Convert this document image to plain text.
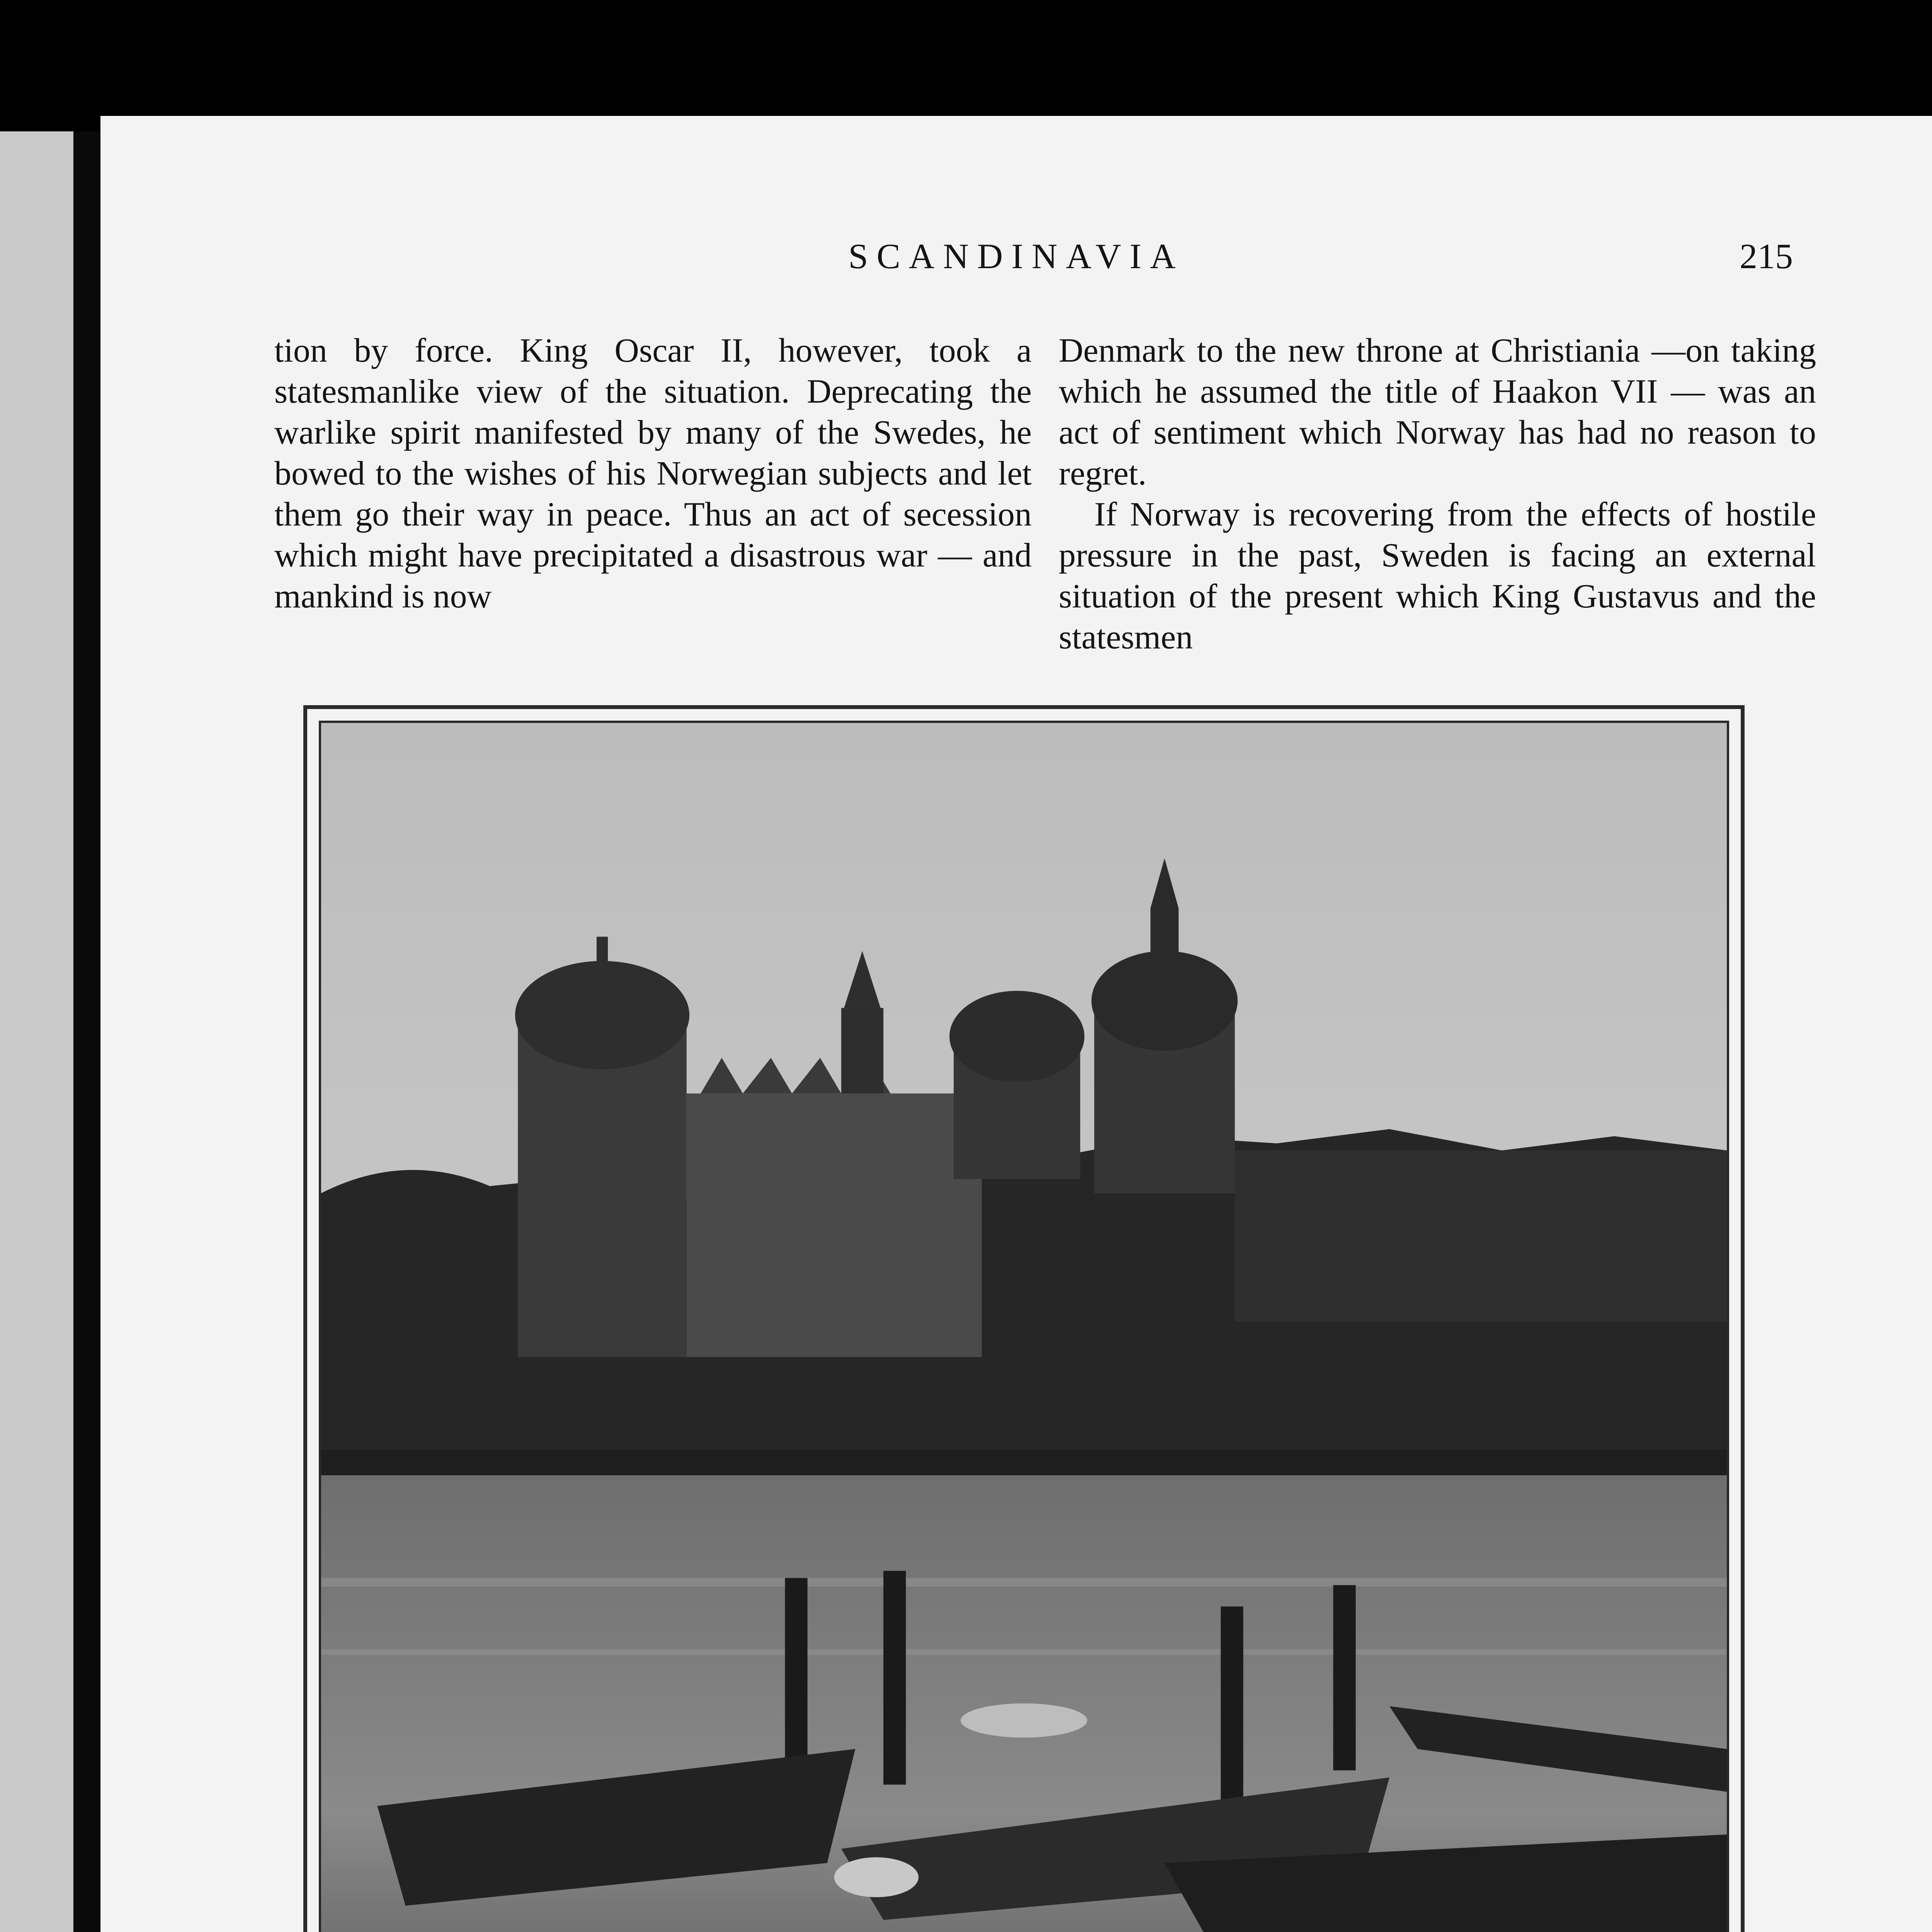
SCANDINAVIA	215

tion by force. King Oscar II, however, took a statesmanlike view of the situation. Deprecating the warlike spirit manifested by many of the Swedes, he bowed to the wishes of his Norwegian subjects and let them go their way in peace. Thus an act of secession which might have precipitated a disastrous war — and mankind is now

Denmark to the new throne at Christiania —on taking which he assumed the title of Haakon VII — was an act of sentiment which Norway has had no reason to regret.

If Norway is recovering from the effects of hostile pressure in the past, Sweden is facing an external situation of the present which King Gustavus and the statesmen
